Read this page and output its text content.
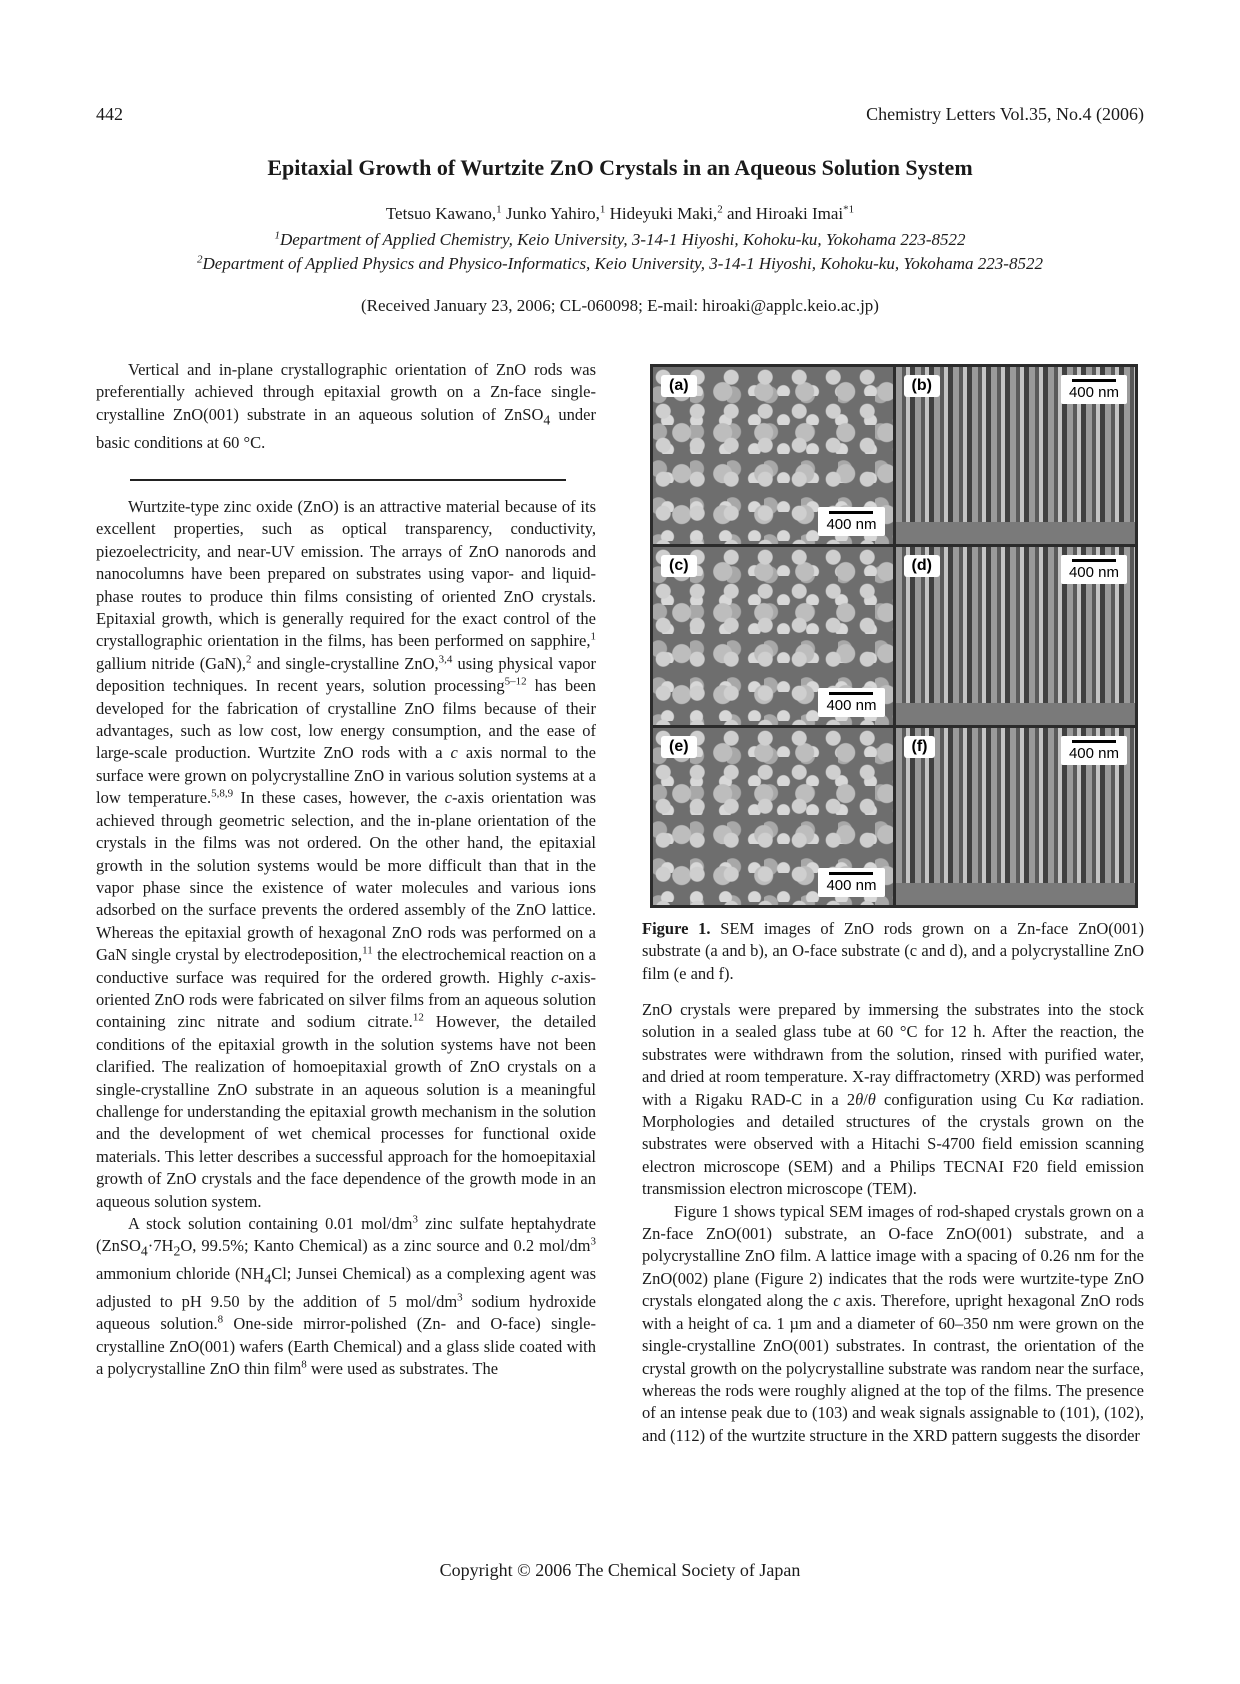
442	Chemistry Letters Vol.35, No.4 (2006)
Epitaxial Growth of Wurtzite ZnO Crystals in an Aqueous Solution System
Tetsuo Kawano,$^1$ Junko Yahiro,$^1$ Hideyuki Maki,$^2$ and Hiroaki Imai$^{*1}$
$^1$Department of Applied Chemistry, Keio University, 3-14-1 Hiyoshi, Kohoku-ku, Yokohama 223-8522
$^2$Department of Applied Physics and Physico-Informatics, Keio University, 3-14-1 Hiyoshi, Kohoku-ku, Yokohama 223-8522
(Received January 23, 2006; CL-060098; E-mail: hiroaki@applc.keio.ac.jp)

Vertical and in-plane crystallographic orientation of ZnO rods was preferentially achieved through epitaxial growth on a Zn-face single-crystalline ZnO(001) substrate in an aqueous solution of ZnSO$_4$ under basic conditions at 60 °C.

Wurtzite-type zinc oxide (ZnO) is an attractive material because of its excellent properties, such as optical transparency, conductivity, piezoelectricity, and near-UV emission. The arrays of ZnO nanorods and nanocolumns have been prepared on substrates using vapor- and liquid-phase routes to produce thin films consisting of oriented ZnO crystals. Epitaxial growth, which is generally required for the exact control of the crystallographic orientation in the films, has been performed on sapphire,$^1$ gallium nitride (GaN),$^2$ and single-crystalline ZnO,$^{3,4}$ using physical vapor deposition techniques. In recent years, solution processing$^{5-12}$ has been developed for the fabrication of crystalline ZnO films because of their advantages, such as low cost, low energy consumption, and the ease of large-scale production. Wurtzite ZnO rods with a c axis normal to the surface were grown on polycrystalline ZnO in various solution systems at a low temperature.$^{5,8,9}$ In these cases, however, the c-axis orientation was achieved through geometric selection, and the in-plane orientation of the crystals in the films was not ordered. On the other hand, the epitaxial growth in the solution systems would be more difficult than that in the vapor phase since the existence of water molecules and various ions adsorbed on the surface prevents the ordered assembly of the ZnO lattice. Whereas the epitaxial growth of hexagonal ZnO rods was performed on a GaN single crystal by electrodeposition,$^{11}$ the electrochemical reaction on a conductive surface was required for the ordered growth. Highly c-axis-oriented ZnO rods were fabricated on silver films from an aqueous solution containing zinc nitrate and sodium citrate.$^{12}$ However, the detailed conditions of the epitaxial growth in the solution systems have not been clarified. The realization of homoepitaxial growth of ZnO crystals on a single-crystalline ZnO substrate in an aqueous solution is a meaningful challenge for understanding the epitaxial growth mechanism in the solution and the development of wet chemical processes for functional oxide materials. This letter describes a successful approach for the homoepitaxial growth of ZnO crystals and the face dependence of the growth mode in an aqueous solution system.

A stock solution containing 0.01 mol/$dm^3$ zinc sulfate heptahydrate ($ZnSO_4\cdot 7H_2O$, 99.5%; Kanto Chemical) as a zinc source and 0.2 mol/$dm^3$ ammonium chloride ($NH_4Cl$; Junsei Chemical) as a complexing agent was adjusted to pH 9.50 by the addition of 5 mol/$dm^3$ sodium hydroxide aqueous solution.$^8$ One-side mirror-polished (Zn- and O-face) single-crystalline ZnO(001) wafers (Earth Chemical) and a glass slide coated with a polycrystalline ZnO thin film$^8$ were used as substrates. The

(a)
400 nm
(b)	400 nm
(c)
400 nm
(d)	400 nm
(e)
400 nm
(f)	400 nm

Figure 1. SEM images of ZnO rods grown on a Zn-face ZnO(001) substrate (a and b), an O-face substrate (c and d), and a polycrystalline ZnO film (e and f).

ZnO crystals were prepared by immersing the substrates into the stock solution in a sealed glass tube at 60 °C for 12 h. After the reaction, the substrates were withdrawn from the solution, rinsed with purified water, and dried at room temperature. X-ray diffractometry (XRD) was performed with a Rigaku RAD-C in a 2θ/θ configuration using Cu Kα radiation. Morphologies and detailed structures of the crystals grown on the substrates were observed with a Hitachi S-4700 field emission scanning electron microscope (SEM) and a Philips TECNAI F20 field emission transmission electron microscope (TEM).

Figure 1 shows typical SEM images of rod-shaped crystals grown on a Zn-face ZnO(001) substrate, an O-face ZnO(001) substrate, and a polycrystalline ZnO film. A lattice image with a spacing of 0.26 nm for the ZnO(002) plane (Figure 2) indicates that the rods were wurtzite-type ZnO crystals elongated along the c axis. Therefore, upright hexagonal ZnO rods with a height of ca. 1 µm and a diameter of 60–350 nm were grown on the single-crystalline ZnO(001) substrates. In contrast, the orientation of the crystal growth on the polycrystalline substrate was random near the surface, whereas the rods were roughly aligned at the top of the films. The presence of an intense peak due to (103) and weak signals assignable to (101), (102), and (112) of the wurtzite structure in the XRD pattern suggests the disorder

Copyright © 2006 The Chemical Society of Japan
